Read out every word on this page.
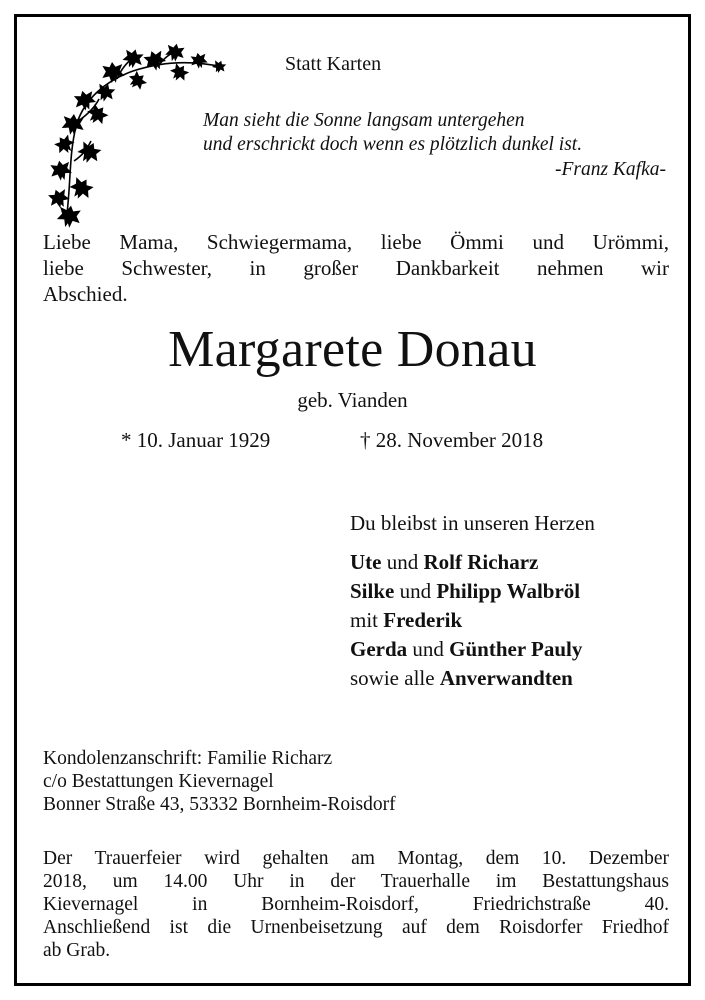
Statt Karten
Man sieht die Sonne langsam untergehen
und erschrickt doch wenn es plötzlich dunkel ist.
-Franz Kafka-
Liebe Mama, Schwiegermama, liebe Ömmi und Urömmi,
liebe Schwester, in großer Dankbarkeit nehmen wir
Abschied.
Margarete Donau
geb. Vianden
* 10. Januar 1929	† 28. November 2018
Du bleibst in unseren Herzen
Ute und Rolf Richarz
Silke und Philipp Walbröl
mit Frederik
Gerda und Günther Pauly
sowie alle Anverwandten
Kondolenzanschrift: Familie Richarz
c/o Bestattungen Kievernagel
Bonner Straße 43, 53332 Bornheim-Roisdorf
Der Trauerfeier wird gehalten am Montag, dem 10. Dezember
2018, um 14.00 Uhr in der Trauerhalle im Bestattungshaus
Kievernagel in Bornheim-Roisdorf, Friedrichstraße 40.
Anschließend ist die Urnenbeisetzung auf dem Roisdorfer Friedhof
ab Grab.
